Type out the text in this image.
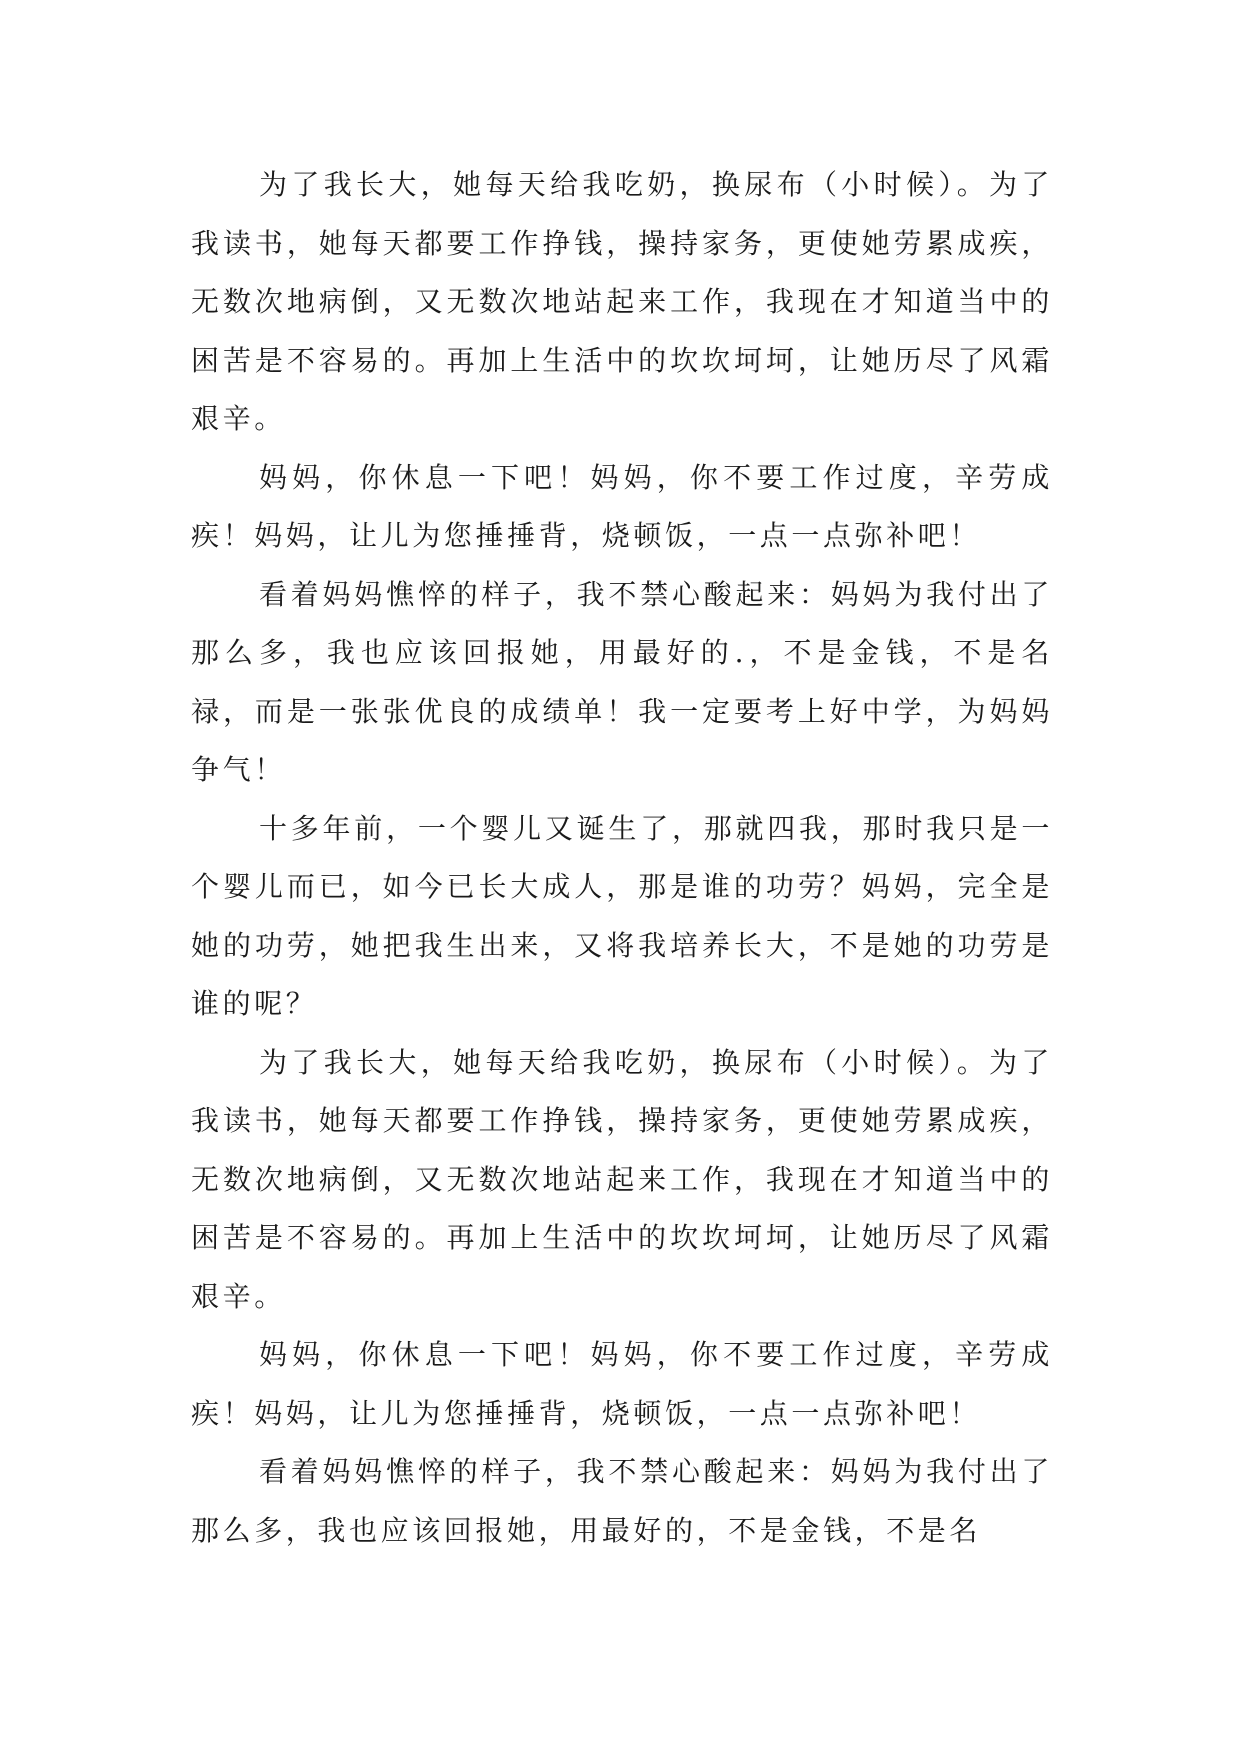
为了我长大，她每天给我吃奶，换尿布（小时候）。为了我读书，她每天都要工作挣钱，操持家务，更使她劳累成疾，无数次地病倒，又无数次地站起来工作，我现在才知道当中的困苦是不容易的。再加上生活中的坎坎坷坷，让她历尽了风霜艰辛。

妈妈，你休息一下吧！妈妈，你不要工作过度，辛劳成疾！妈妈，让儿为您捶捶背，烧顿饭，一点一点弥补吧！

看着妈妈憔悴的样子，我不禁心酸起来：妈妈为我付出了那么多，我也应该回报她，用最好的.，不是金钱，不是名禄，而是一张张优良的成绩单！我一定要考上好中学，为妈妈争气！

十多年前，一个婴儿又诞生了，那就四我，那时我只是一个婴儿而已，如今已长大成人，那是谁的功劳？妈妈，完全是她的功劳，她把我生出来，又将我培养长大，不是她的功劳是谁的呢？

为了我长大，她每天给我吃奶，换尿布（小时候）。为了我读书，她每天都要工作挣钱，操持家务，更使她劳累成疾，无数次地病倒，又无数次地站起来工作，我现在才知道当中的困苦是不容易的。再加上生活中的坎坎坷坷，让她历尽了风霜艰辛。

妈妈，你休息一下吧！妈妈，你不要工作过度，辛劳成疾！妈妈，让儿为您捶捶背，烧顿饭，一点一点弥补吧！

看着妈妈憔悴的样子，我不禁心酸起来：妈妈为我付出了那么多，我也应该回报她，用最好的，不是金钱，不是名
